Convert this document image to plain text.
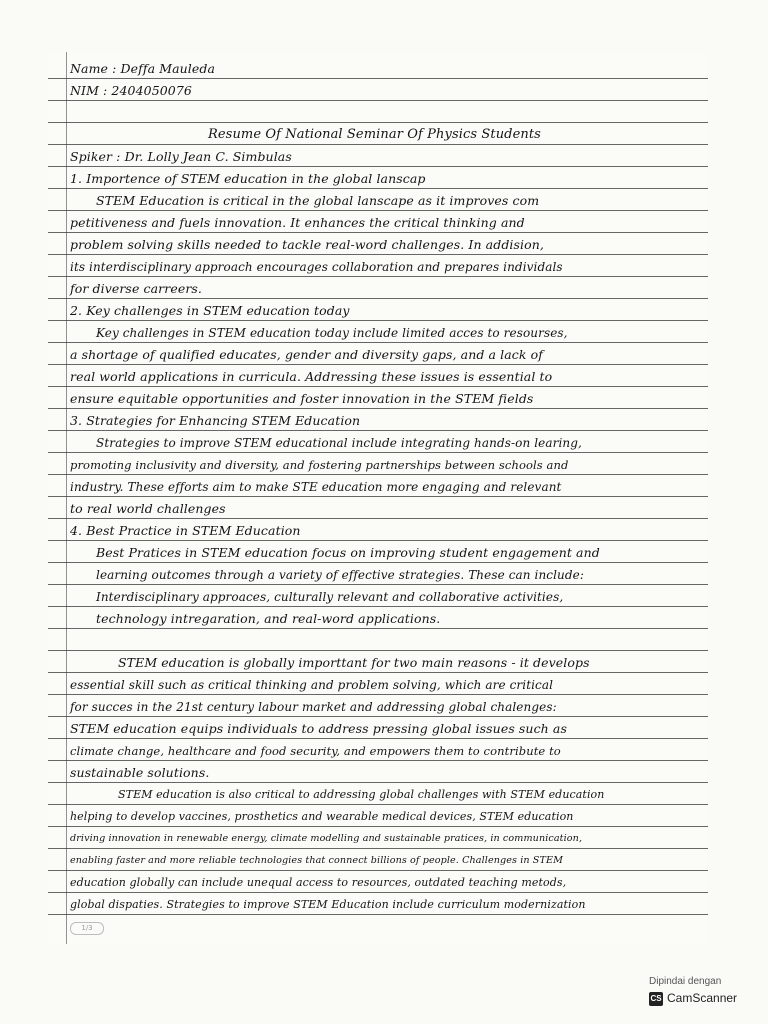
Name : Deffa Mauleda
NIM : 2404050076
Resume Of National Seminar Of Physics Students
Spiker : Dr. Lolly Jean C. Simbulas
1. Importence of STEM education in the global lanscap
STEM Education is critical in the global lanscape as it improves com
petitiveness and fuels innovation. It enhances the critical thinking and
problem solving skills needed to tackle real-word challenges. In addision,
its interdisciplinary approach encourages collaboration and prepares individals
for diverse carreers.
2. Key challenges in STEM education today
Key challenges in STEM education today include limited acces to resourses,
a shortage of qualified educates, gender and diversity gaps, and a lack of
real world applications in curricula. Addressing these issues is essential to
ensure equitable opportunities and foster innovation in the STEM fields
3. Strategies for Enhancing STEM Education
Strategies to improve STEM educational include integrating hands-on learing,
promoting inclusivity and diversity, and fostering partnerships between schools and
industry. These efforts aim to make STE education more engaging and relevant
to real world challenges
4. Best Practice in STEM Education
Best Pratices in STEM education focus on improving student engagement and
learning outcomes through a variety of effective strategies. These can include:
Interdisciplinary approaces, culturally relevant and collaborative activities,
technology intregaration, and real-word applications.
STEM education is globally importtant for two main reasons - it develops
essential skill such as critical thinking and problem solving, which are critical
for succes in the 21st century labour market and addressing global chalenges:
STEM education equips individuals to address pressing global issues such as
climate change, healthcare and food security, and empowers them to contribute to
sustainable solutions.
STEM education is also critical to addressing global challenges with STEM education
helping to develop vaccines, prosthetics and wearable medical devices, STEM education
driving innovation in renewable energy, climate modelling and sustainable pratices, in communication,
enabling faster and more reliable technologies that connect billions of people. Challenges in STEM
education globally can include unequal access to resources, outdated teaching metods,
global dispaties. Strategies to improve STEM Education include curriculum modernization
1/3
Dipindai dengan
CS CamScanner
